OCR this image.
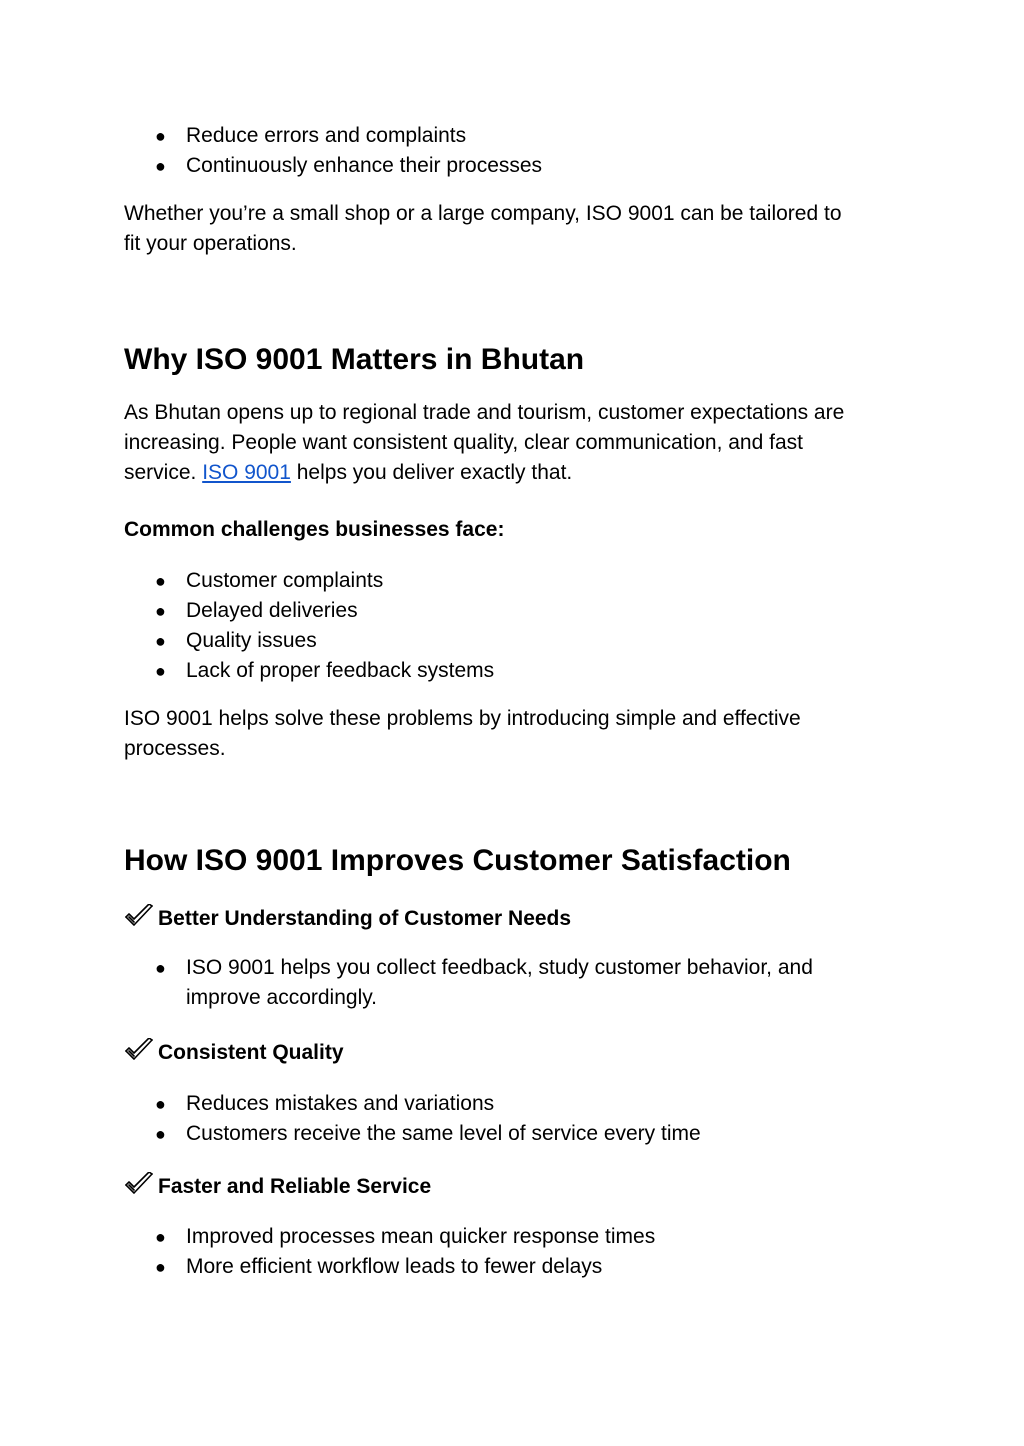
● Reduce errors and complaints
● Continuously enhance their processes
Whether you’re a small shop or a large company, ISO 9001 can be tailored to
fit your operations.
Why ISO 9001 Matters in Bhutan
As Bhutan opens up to regional trade and tourism, customer expectations are
increasing. People want consistent quality, clear communication, and fast
service. ISO 9001 helps you deliver exactly that.
Common challenges businesses face:
● Customer complaints
● Delayed deliveries
● Quality issues
● Lack of proper feedback systems
ISO 9001 helps solve these problems by introducing simple and effective
processes.
How ISO 9001 Improves Customer Satisfaction
Better Understanding of Customer Needs
● ISO 9001 helps you collect feedback, study customer behavior, and
improve accordingly.
Consistent Quality
● Reduces mistakes and variations
● Customers receive the same level of service every time
Faster and Reliable Service
● Improved processes mean quicker response times
● More efficient workflow leads to fewer delays
